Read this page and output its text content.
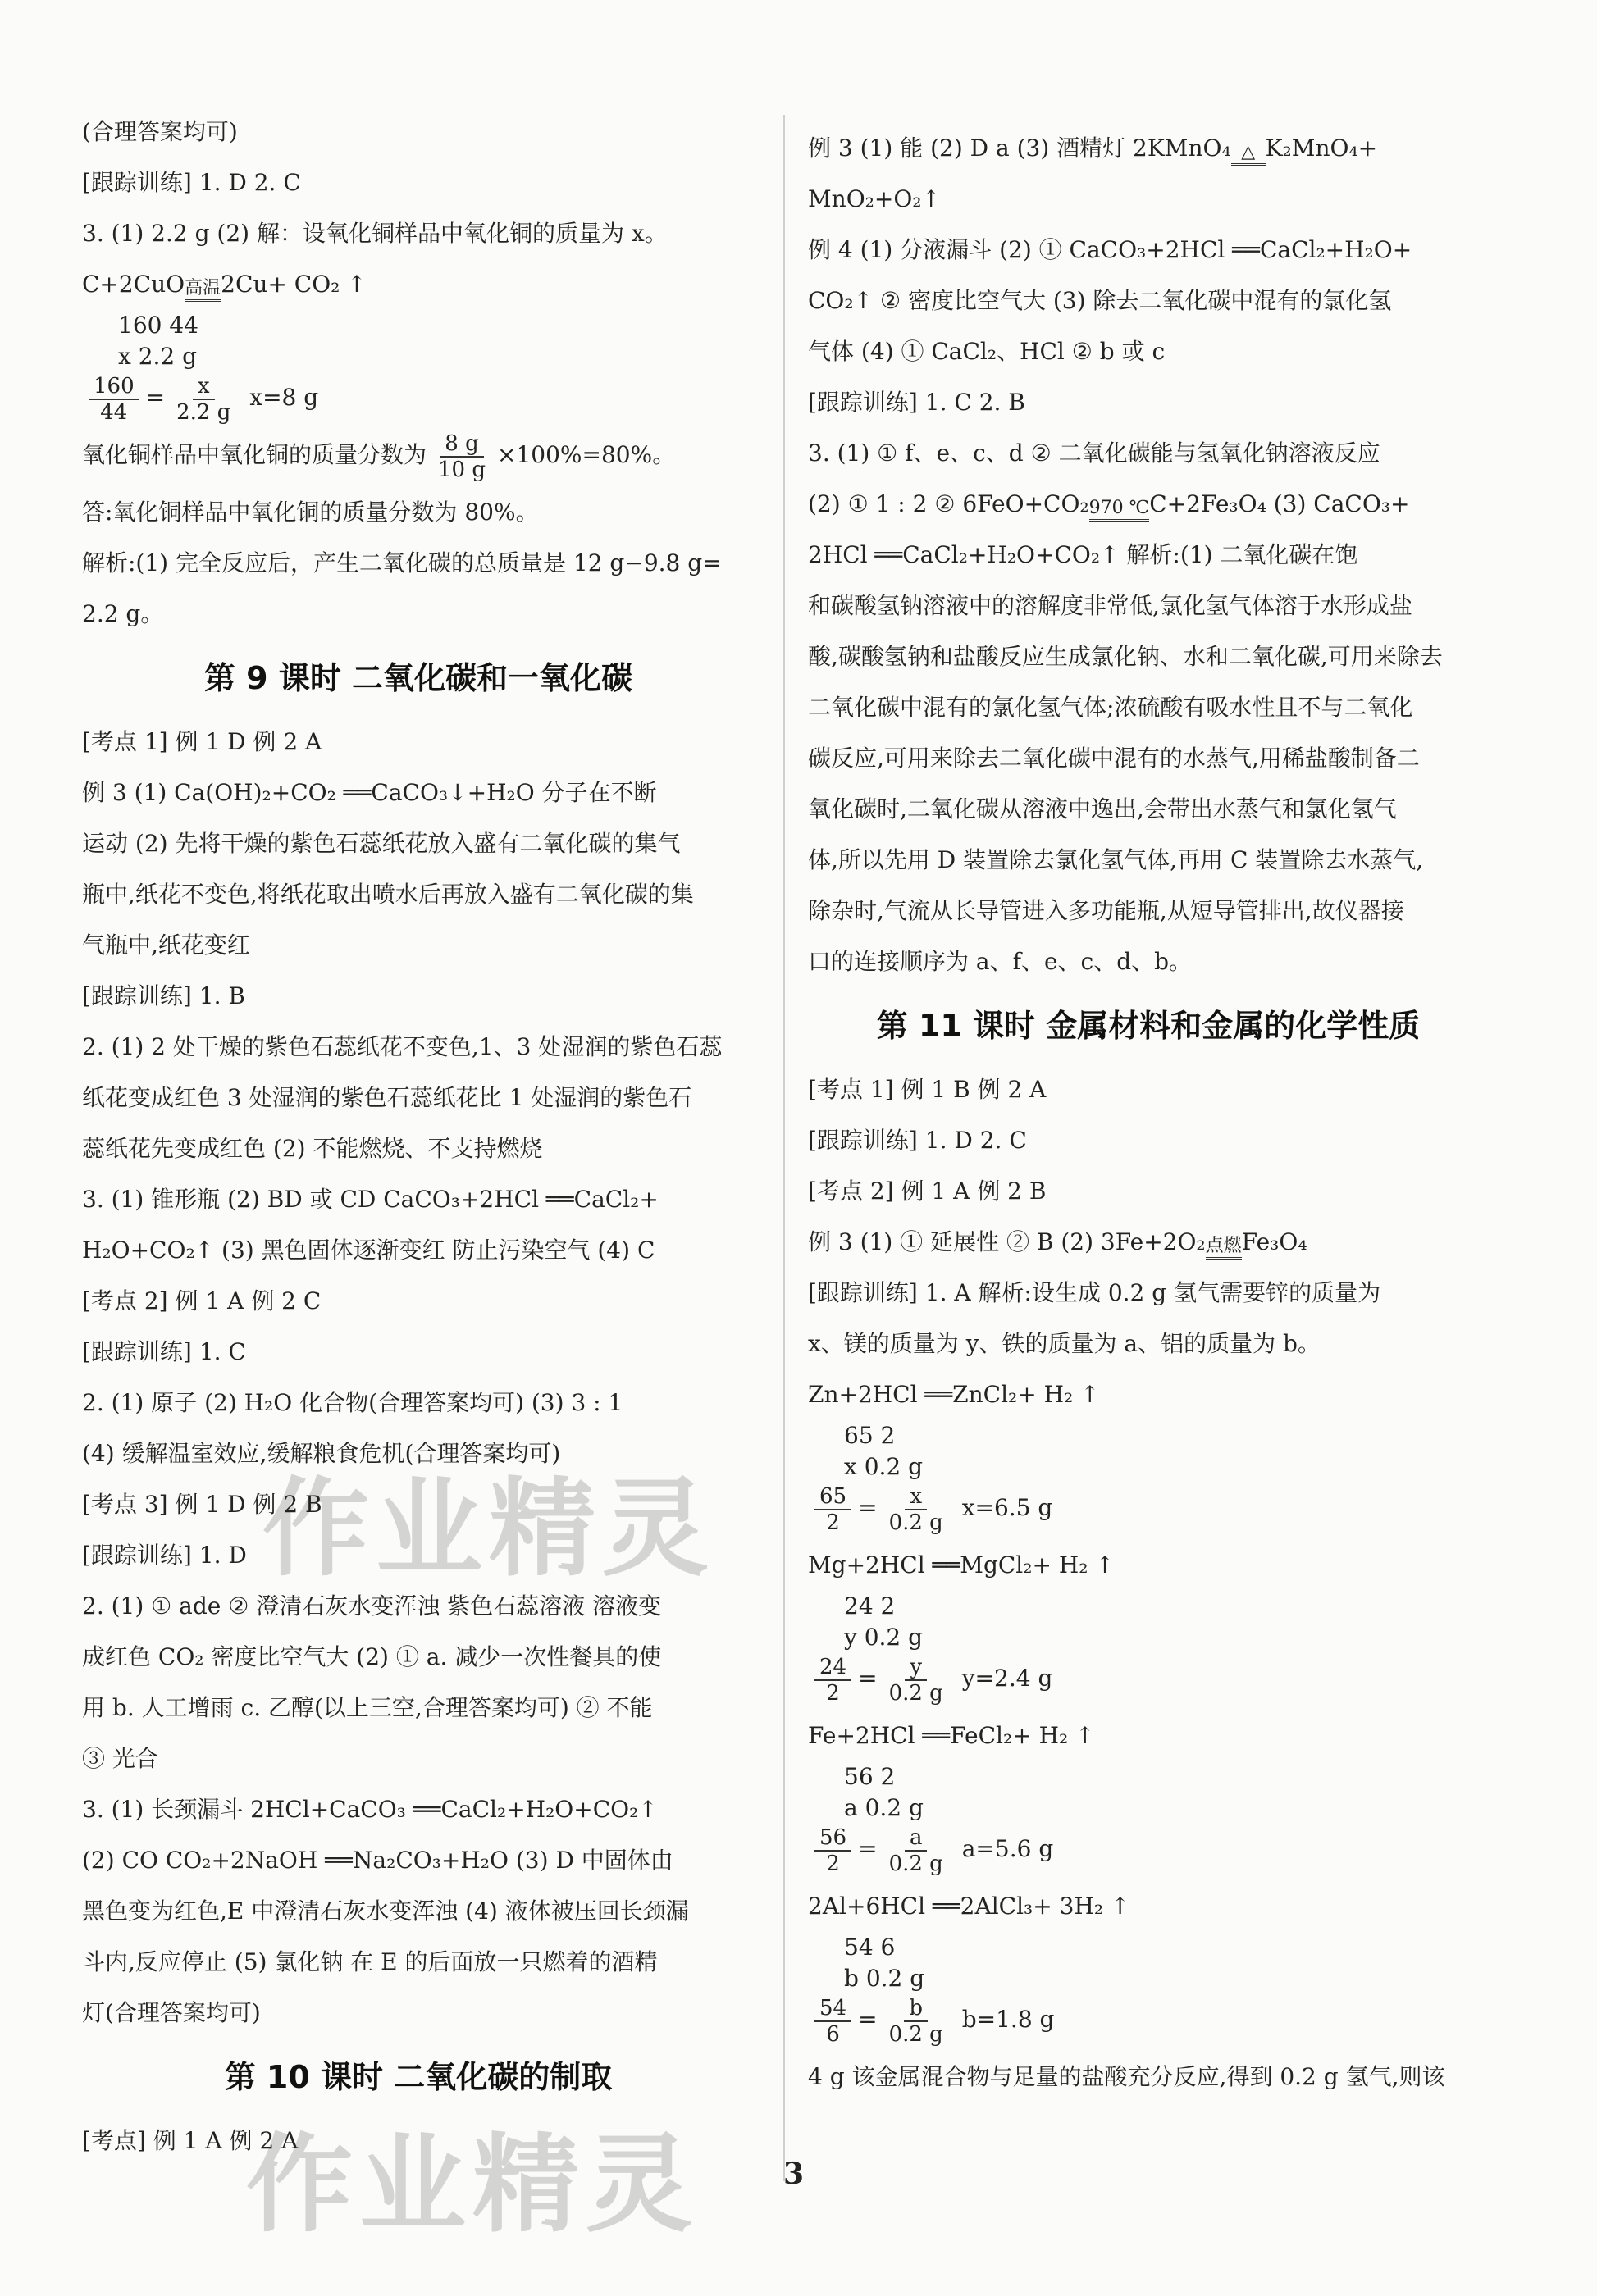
(合理答案均可)
[跟踪训练] 1. D 2. C
3. (1) 2.2 g (2) 解：设氧化铜样品中氧化铜的质量为 x。
C+2CuO 高温
2Cu+ CO₂ ↑
160 44
x 2.2 g
$\frac{160}{44} = \frac{x}{2.2 g} x=8$ g
氧化铜样品中氧化铜的质量分数为 $\frac{8 g}{10 g} \times 100\%=80\%$。
答:氧化铜样品中氧化铜的质量分数为 80%。
解析:(1) 完全反应后，产生二氧化碳的总质量是 12 g−9.8 g=
2.2 g。
第 9 课时 二氧化碳和一氧化碳
[考点 1] 例 1 D 例 2 A
例 3 (1) Ca(OH)₂+CO₂ ══CaCO₃↓+H₂O 分子在不断
运动 (2) 先将干燥的紫色石蕊纸花放入盛有二氧化碳的集气
瓶中,纸花不变色,将纸花取出喷水后再放入盛有二氧化碳的集
气瓶中,纸花变红
[跟踪训练] 1. B
2. (1) 2 处干燥的紫色石蕊纸花不变色,1、3 处湿润的紫色石蕊
纸花变成红色 3 处湿润的紫色石蕊纸花比 1 处湿润的紫色石
蕊纸花先变成红色 (2) 不能燃烧、不支持燃烧
3. (1) 锥形瓶 (2) BD 或 CD CaCO₃+2HCl ══CaCl₂+
H₂O+CO₂↑ (3) 黑色固体逐渐变红 防止污染空气 (4) C
[考点 2] 例 1 A 例 2 C
[跟踪训练] 1. C
2. (1) 原子 (2) H₂O 化合物(合理答案均可) (3) 3 : 1
(4) 缓解温室效应,缓解粮食危机(合理答案均可)
[考点 3] 例 1 D 例 2 B
[跟踪训练] 1. D
2. (1) ① ade ② 澄清石灰水变浑浊 紫色石蕊溶液 溶液变
成红色 CO₂ 密度比空气大 (2) ① a. 减少一次性餐具的使
用 b. 人工增雨 c. 乙醇(以上三空,合理答案均可) ② 不能
③ 光合
3. (1) 长颈漏斗 2HCl+CaCO₃ ══CaCl₂+H₂O+CO₂↑
(2) CO CO₂+2NaOH ══Na₂CO₃+H₂O (3) D 中固体由
黑色变为红色,E 中澄清石灰水变浑浊 (4) 液体被压回长颈漏
斗内,反应停止 (5) 氯化钠 在 E 的后面放一只燃着的酒精
灯(合理答案均可)
第 10 课时 二氧化碳的制取
[考点] 例 1 A 例 2 A
例 3 (1) 能 (2) D a (3) 酒精灯 2KMnO₄ △
K₂MnO₄+
MnO₂+O₂↑
例 4 (1) 分液漏斗 (2) ① CaCO₃+2HCl ══CaCl₂+H₂O+
CO₂↑ ② 密度比空气大 (3) 除去二氧化碳中混有的氯化氢
气体 (4) ① CaCl₂、HCl ② b 或 c
[跟踪训练] 1. C 2. B
3. (1) ① f、e、c、d ② 二氧化碳能与氢氧化钠溶液反应
(2) ① 1 : 2 ② 6FeO+CO₂ 970 ℃
C+2Fe₃O₄ (3) CaCO₃+
2HCl ══CaCl₂+H₂O+CO₂↑ 解析:(1) 二氧化碳在饱
和碳酸氢钠溶液中的溶解度非常低,氯化氢气体溶于水形成盐
酸,碳酸氢钠和盐酸反应生成氯化钠、水和二氧化碳,可用来除去
二氧化碳中混有的氯化氢气体;浓硫酸有吸水性且不与二氧化
碳反应,可用来除去二氧化碳中混有的水蒸气,用稀盐酸制备二
氧化碳时,二氧化碳从溶液中逸出,会带出水蒸气和氯化氢气
体,所以先用 D 装置除去氯化氢气体,再用 C 装置除去水蒸气,
除杂时,气流从长导管进入多功能瓶,从短导管排出,故仪器接
口的连接顺序为 a、f、e、c、d、b。
第 11 课时 金属材料和金属的化学性质
[考点 1] 例 1 B 例 2 A
[跟踪训练] 1. D 2. C
[考点 2] 例 1 A 例 2 B
例 3 (1) ① 延展性 ② B (2) 3Fe+2O₂ 点燃
Fe₃O₄
[跟踪训练] 1. A 解析:设生成 0.2 g 氢气需要锌的质量为
x、镁的质量为 y、铁的质量为 a、铝的质量为 b。
Zn+2HCl ══ZnCl₂+ H₂ ↑
65 2
x 0.2 g
$\frac{65}{2} = \frac{x}{0.2 g} x=6.5$ g
Mg+2HCl ══MgCl₂+ H₂ ↑
24 2
y 0.2 g
$\frac{24}{2} = \frac{y}{0.2 g} y=2.4$ g
Fe+2HCl ══FeCl₂+ H₂ ↑
56 2
a 0.2 g
$\frac{56}{2} = \frac{a}{0.2 g} a=5.6$ g
2Al+6HCl ══2AlCl₃+ 3H₂ ↑
54 6
b 0.2 g
$\frac{54}{6} = \frac{b}{0.2 g} b=1.8$ g
4 g 该金属混合物与足量的盐酸充分反应,得到 0.2 g 氢气,则该
3
作业精灵
作业精灵
